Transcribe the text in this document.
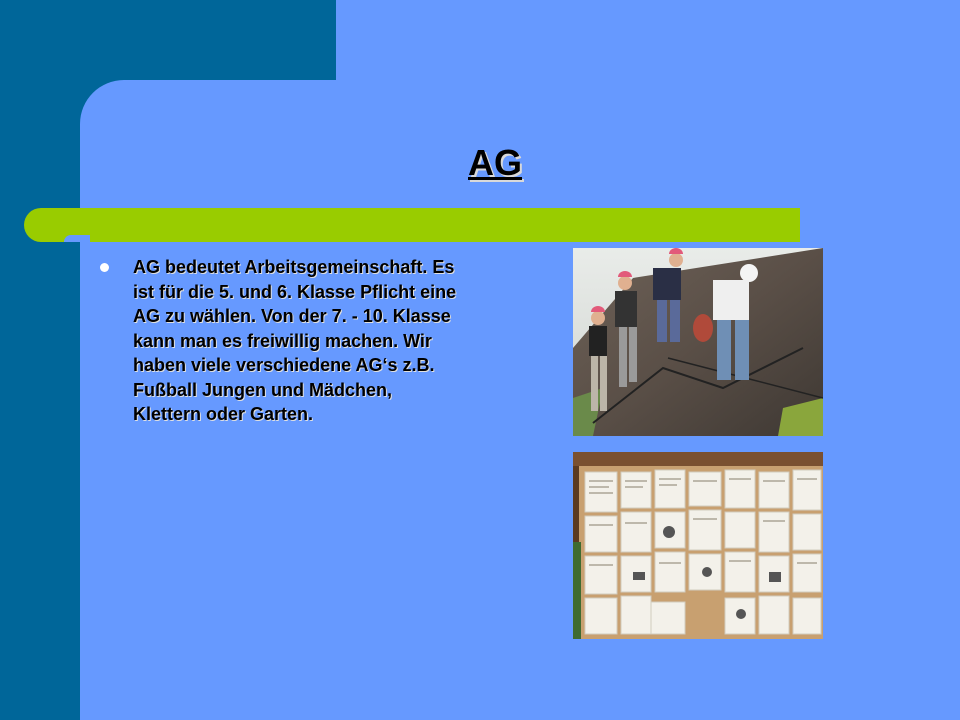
AG
AG bedeutet Arbeitsgemeinschaft. Es ist für die 5. und 6. Klasse Pflicht eine AG zu wählen. Von der 7. - 10. Klasse kann man es freiwillig machen. Wir haben viele verschiedene AG‘s z.B. Fußball Jungen und Mädchen, Klettern oder Garten.
